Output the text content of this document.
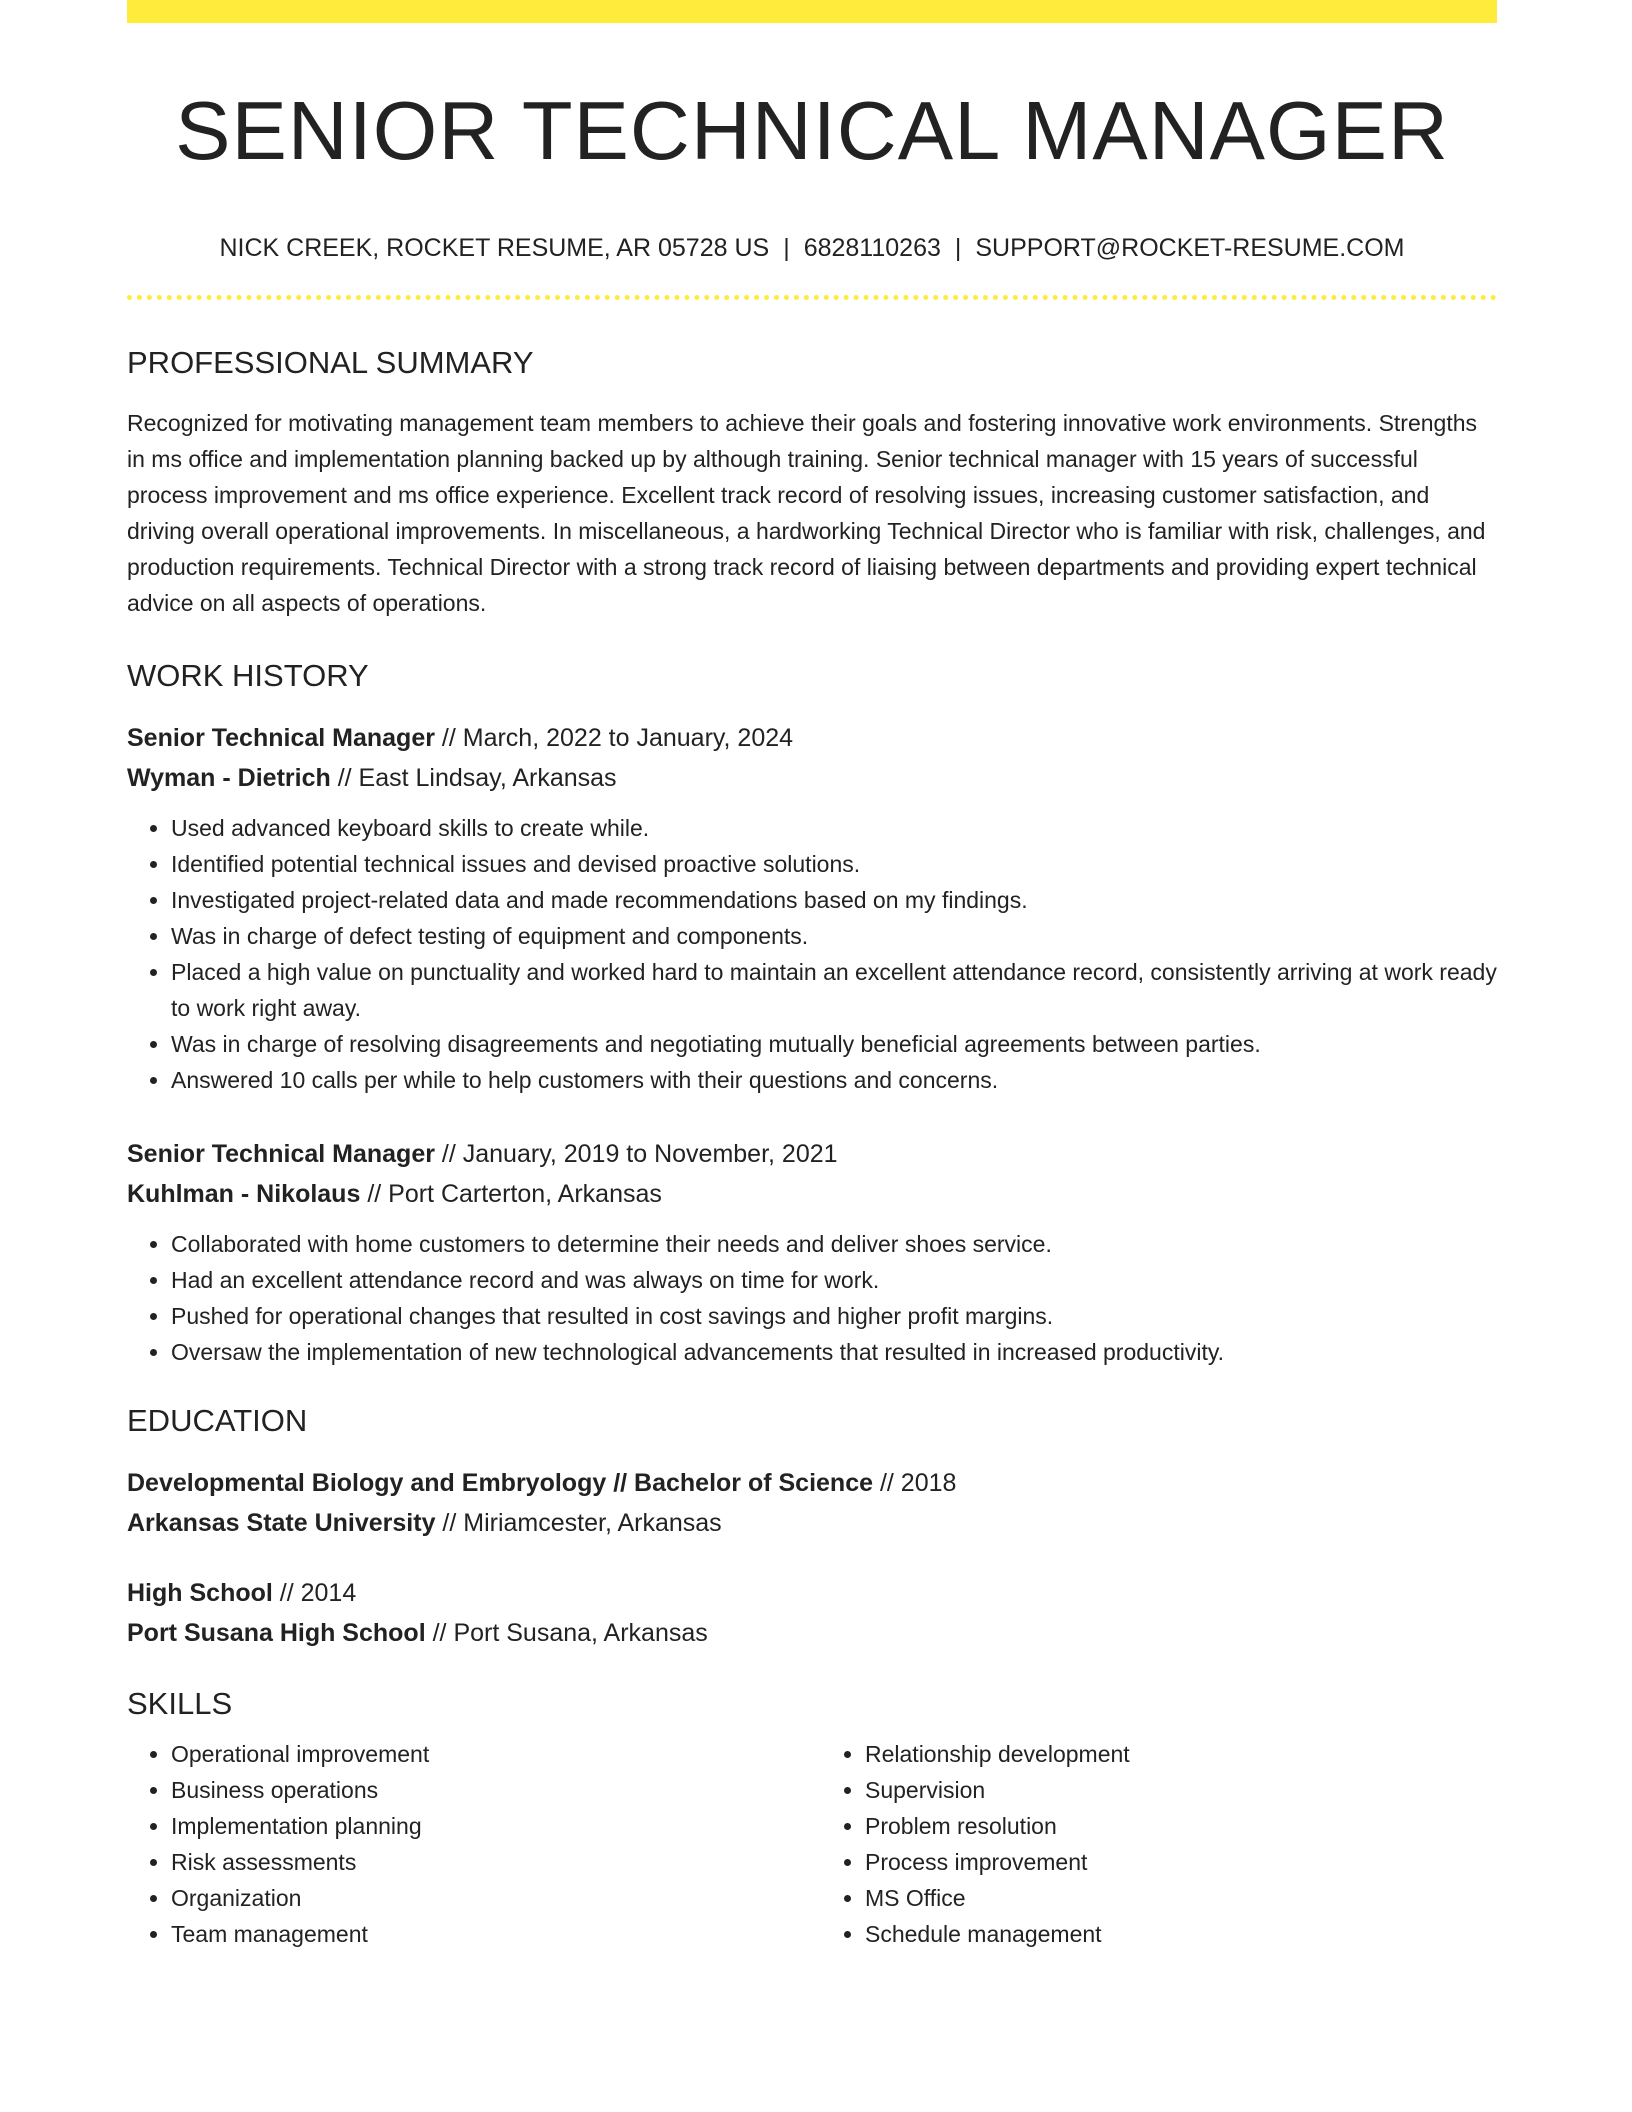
SENIOR TECHNICAL MANAGER
NICK CREEK, ROCKET RESUME, AR 05728 US | 6828110263 | SUPPORT@ROCKET-RESUME.COM
PROFESSIONAL SUMMARY
Recognized for motivating management team members to achieve their goals and fostering innovative work environments. Strengths in ms office and implementation planning backed up by although training. Senior technical manager with 15 years of successful process improvement and ms office experience. Excellent track record of resolving issues, increasing customer satisfaction, and driving overall operational improvements. In miscellaneous, a hardworking Technical Director who is familiar with risk, challenges, and production requirements. Technical Director with a strong track record of liaising between departments and providing expert technical advice on all aspects of operations.
WORK HISTORY
Senior Technical Manager // March, 2022 to January, 2024
Wyman - Dietrich // East Lindsay, Arkansas
• Used advanced keyboard skills to create while.
• Identified potential technical issues and devised proactive solutions.
• Investigated project-related data and made recommendations based on my findings.
• Was in charge of defect testing of equipment and components.
• Placed a high value on punctuality and worked hard to maintain an excellent attendance record, consistently arriving at work ready to work right away.
• Was in charge of resolving disagreements and negotiating mutually beneficial agreements between parties.
• Answered 10 calls per while to help customers with their questions and concerns.
Senior Technical Manager // January, 2019 to November, 2021
Kuhlman - Nikolaus // Port Carterton, Arkansas
• Collaborated with home customers to determine their needs and deliver shoes service.
• Had an excellent attendance record and was always on time for work.
• Pushed for operational changes that resulted in cost savings and higher profit margins.
• Oversaw the implementation of new technological advancements that resulted in increased productivity.
EDUCATION
Developmental Biology and Embryology // Bachelor of Science // 2018
Arkansas State University // Miriamcester, Arkansas
High School // 2014
Port Susana High School // Port Susana, Arkansas
SKILLS
• Operational improvement
• Business operations
• Implementation planning
• Risk assessments
• Organization
• Team management
• Relationship development
• Supervision
• Problem resolution
• Process improvement
• MS Office
• Schedule management
